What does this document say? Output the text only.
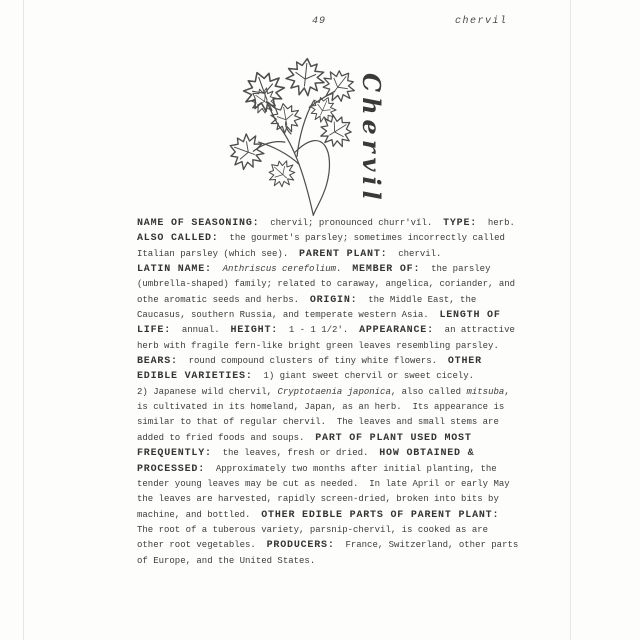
49	chervil
Chervil
NAME OF SEASONING:  chervil; pronounced churr'vĭl.  TYPE:  herb.
ALSO CALLED:  the gourmet's parsley; sometimes incorrectly called
Italian parsley (which see).  PARENT PLANT:  chervil.
LATIN NAME: Anthriscus cerefolium.  MEMBER OF:  the parsley
(umbrella-shaped) family; related to caraway, angelica, coriander, and
othe aromatic seeds and herbs.  ORIGIN:  the Middle East, the
Caucasus, southern Russia, and temperate western Asia.  LENGTH OF
LIFE:  annual.  HEIGHT:  1 - 1 1/2'.  APPEARANCE:  an attractive
herb with fragile fern-like bright green leaves resembling parsley.
BEARS:  round compound clusters of tiny white flowers.  OTHER
EDIBLE VARIETIES:  1) giant sweet chervil or sweet cicely.
2) Japanese wild chervil, Cryptotaenia japonica, also called mitsuba,
is cultivated in its homeland, Japan, as an herb.  Its appearance is
similar to that of regular chervil.  The leaves and small stems are
added to fried foods and soups.  PART OF PLANT USED MOST
FREQUENTLY:  the leaves, fresh or dried.  HOW OBTAINED &
PROCESSED:  Approximately two months after initial planting, the
tender young leaves may be cut as needed.  In late April or early May
the leaves are harvested, rapidly screen-dried, broken into bits by
machine, and bottled.  OTHER EDIBLE PARTS OF PARENT PLANT:
The root of a tuberous variety, parsnip-chervil, is cooked as are
other root vegetables.  PRODUCERS:  France, Switzerland, other parts
of Europe, and the United States.
